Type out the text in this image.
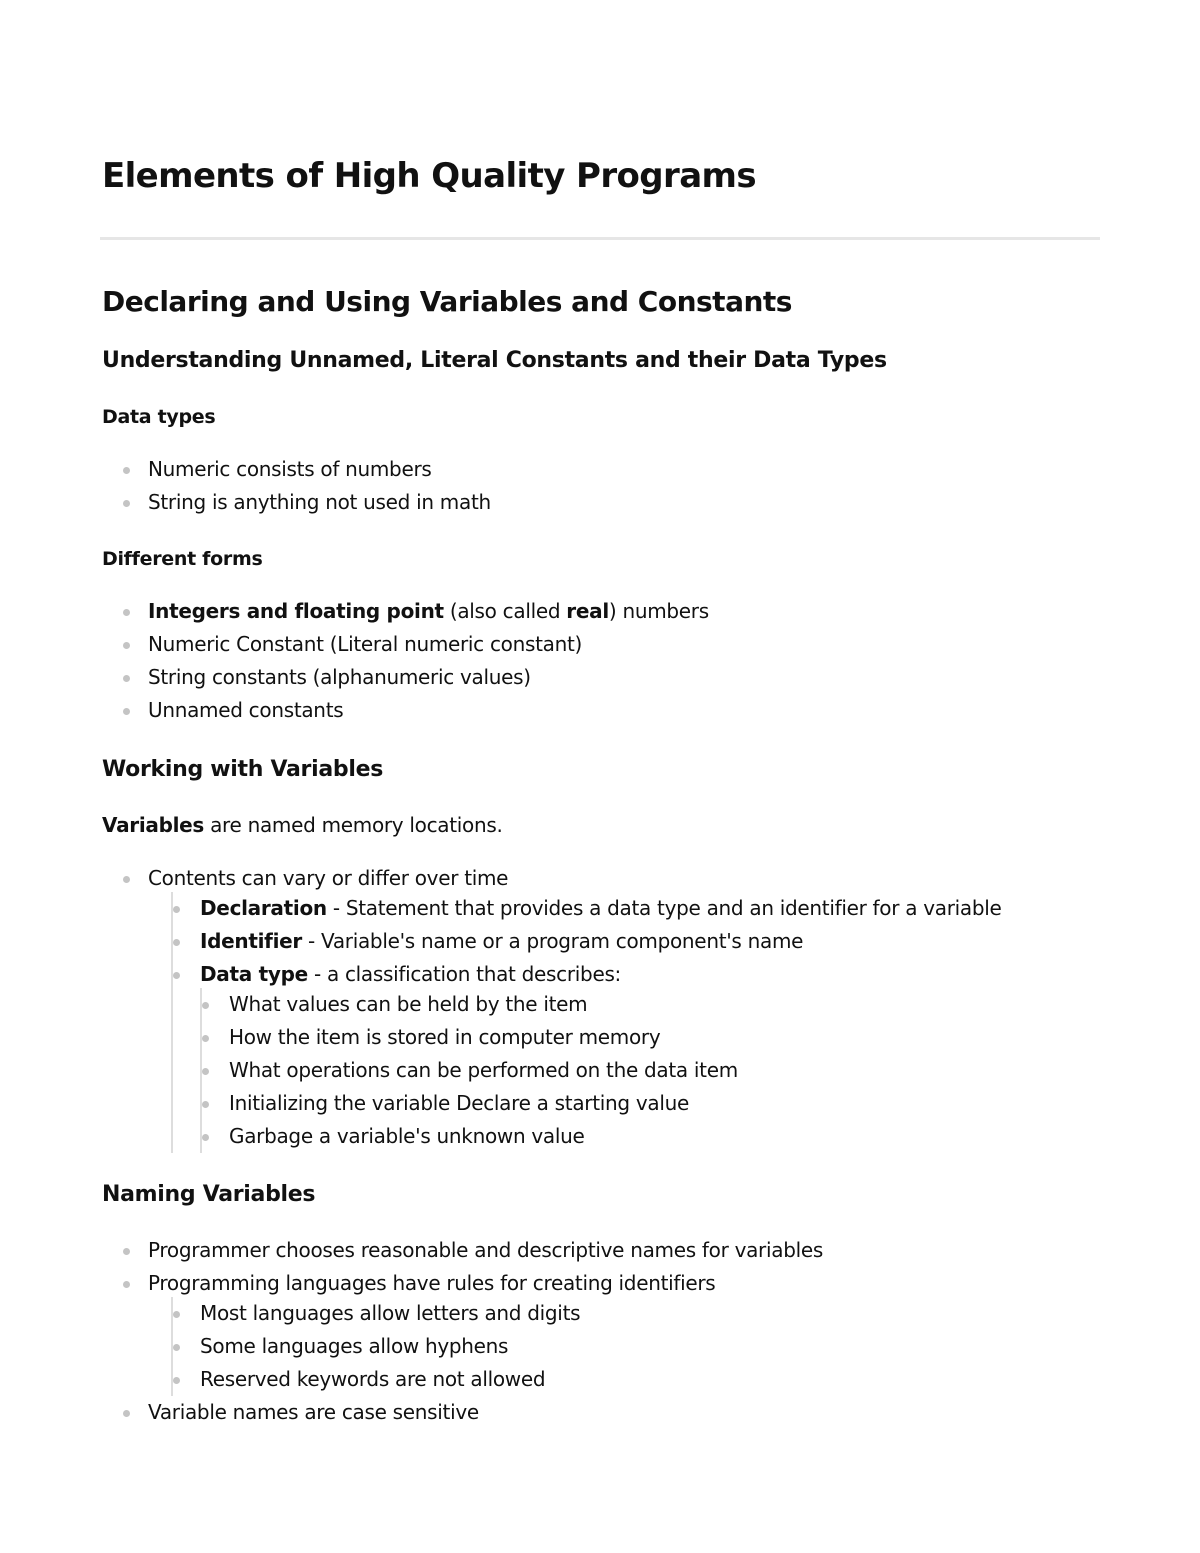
Elements of High Quality Programs
Declaring and Using Variables and Constants
Understanding Unnamed, Literal Constants and their Data Types
Data types
Numeric consists of numbers
String is anything not used in math
Different forms
Integers and floating point (also called real) numbers
Numeric Constant (Literal numeric constant)
String constants (alphanumeric values)
Unnamed constants
Working with Variables

Variables are named memory locations.

Contents can vary or differ over time
Declaration - Statement that provides a data type and an identifier for a variable
Identifier - Variable's name or a program component's name
Data type - a classification that describes:
What values can be held by the item
How the item is stored in computer memory
What operations can be performed on the data item
Initializing the variable Declare a starting value
Garbage a variable's unknown value
Naming Variables
Programmer chooses reasonable and descriptive names for variables
Programming languages have rules for creating identifiers
Most languages allow letters and digits
Some languages allow hyphens
Reserved keywords are not allowed
Variable names are case sensitive
